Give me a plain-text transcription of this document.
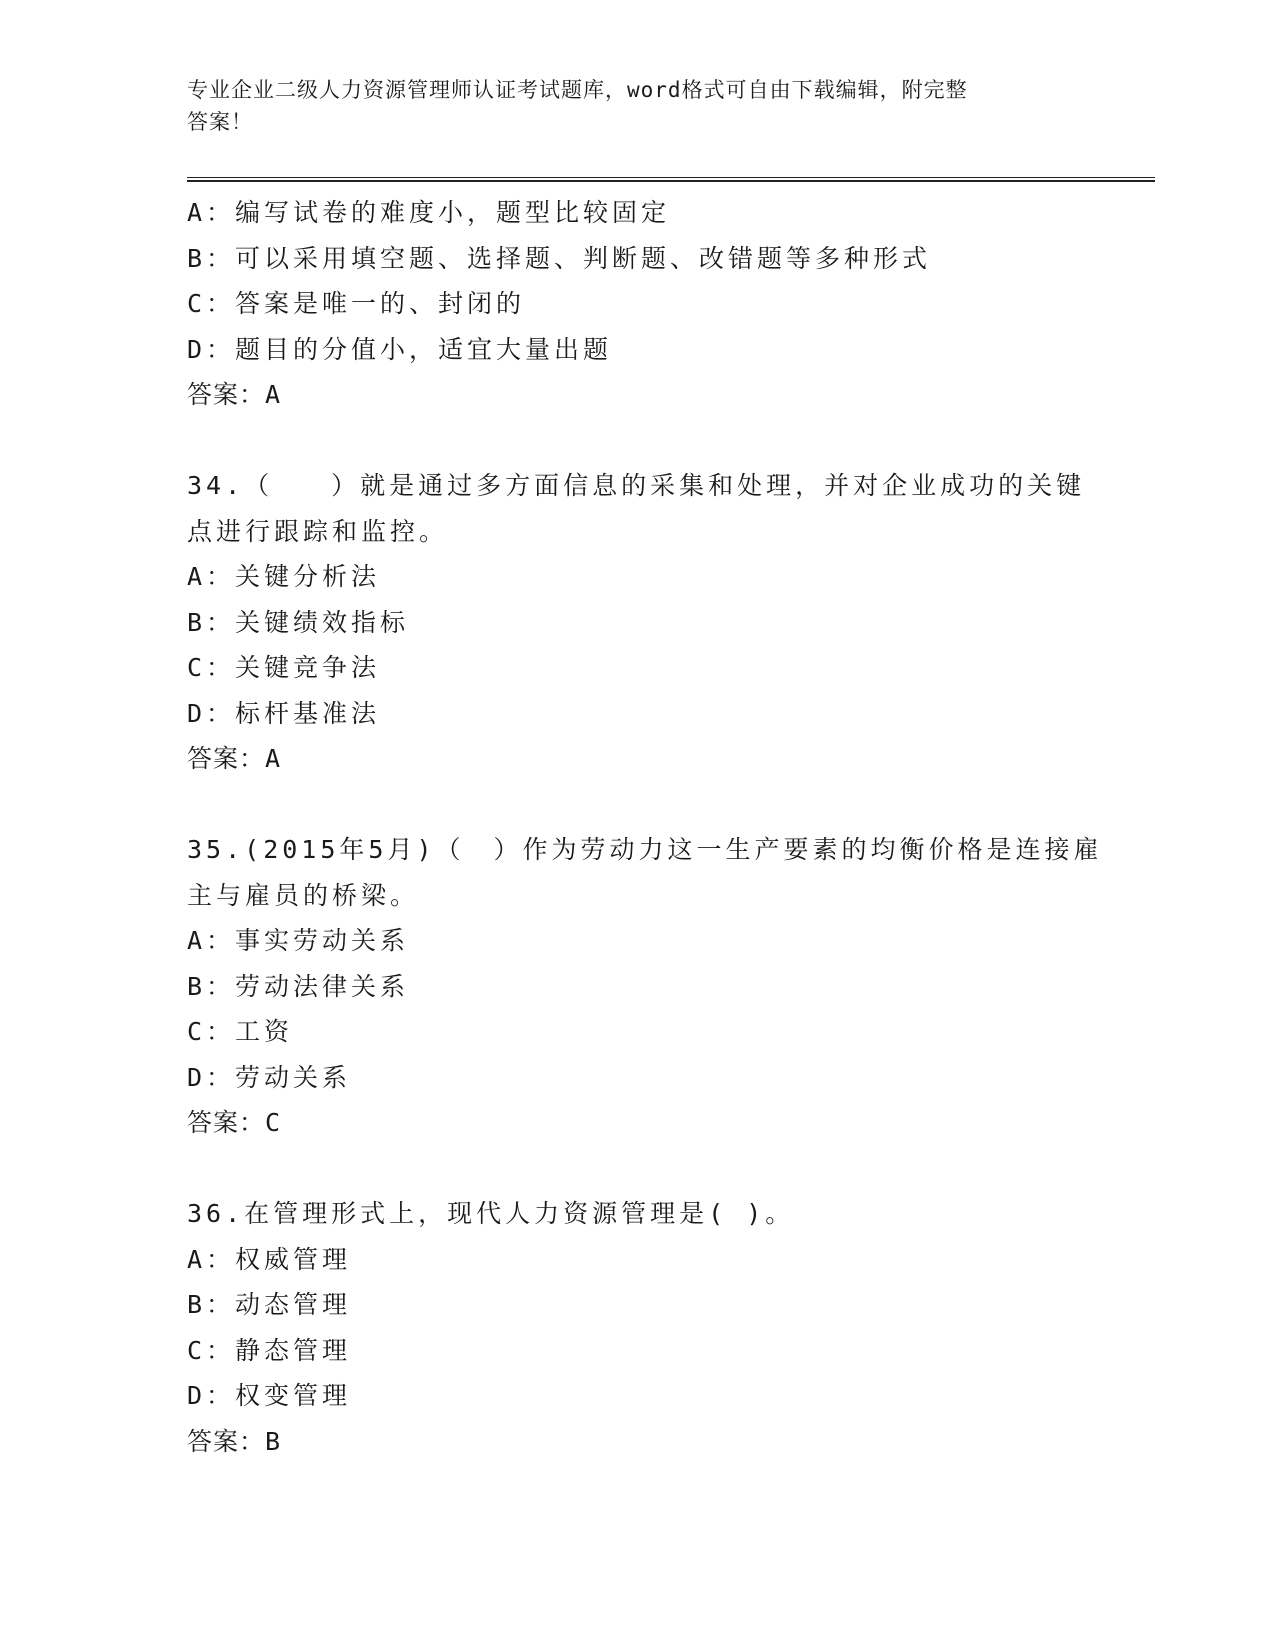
专业企业二级人力资源管理师认证考试题库，word格式可自由下载编辑，附完整
答案！
A：编写试卷的难度小，题型比较固定
B：可以采用填空题、选择题、判断题、改错题等多种形式
C：答案是唯一的、封闭的
D：题目的分值小，适宜大量出题
答案：A
34.（　　）就是通过多方面信息的采集和处理，并对企业成功的关键
点进行跟踪和监控。
A：关键分析法
B：关键绩效指标
C：关键竞争法
D：标杆基准法
答案：A
35.(2015年5月)（　）作为劳动力这一生产要素的均衡价格是连接雇
主与雇员的桥梁。
A：事实劳动关系
B：劳动法律关系
C：工资
D：劳动关系
答案：C
36.在管理形式上，现代人力资源管理是( )。
A：权威管理
B：动态管理
C：静态管理
D：权变管理
答案：B
